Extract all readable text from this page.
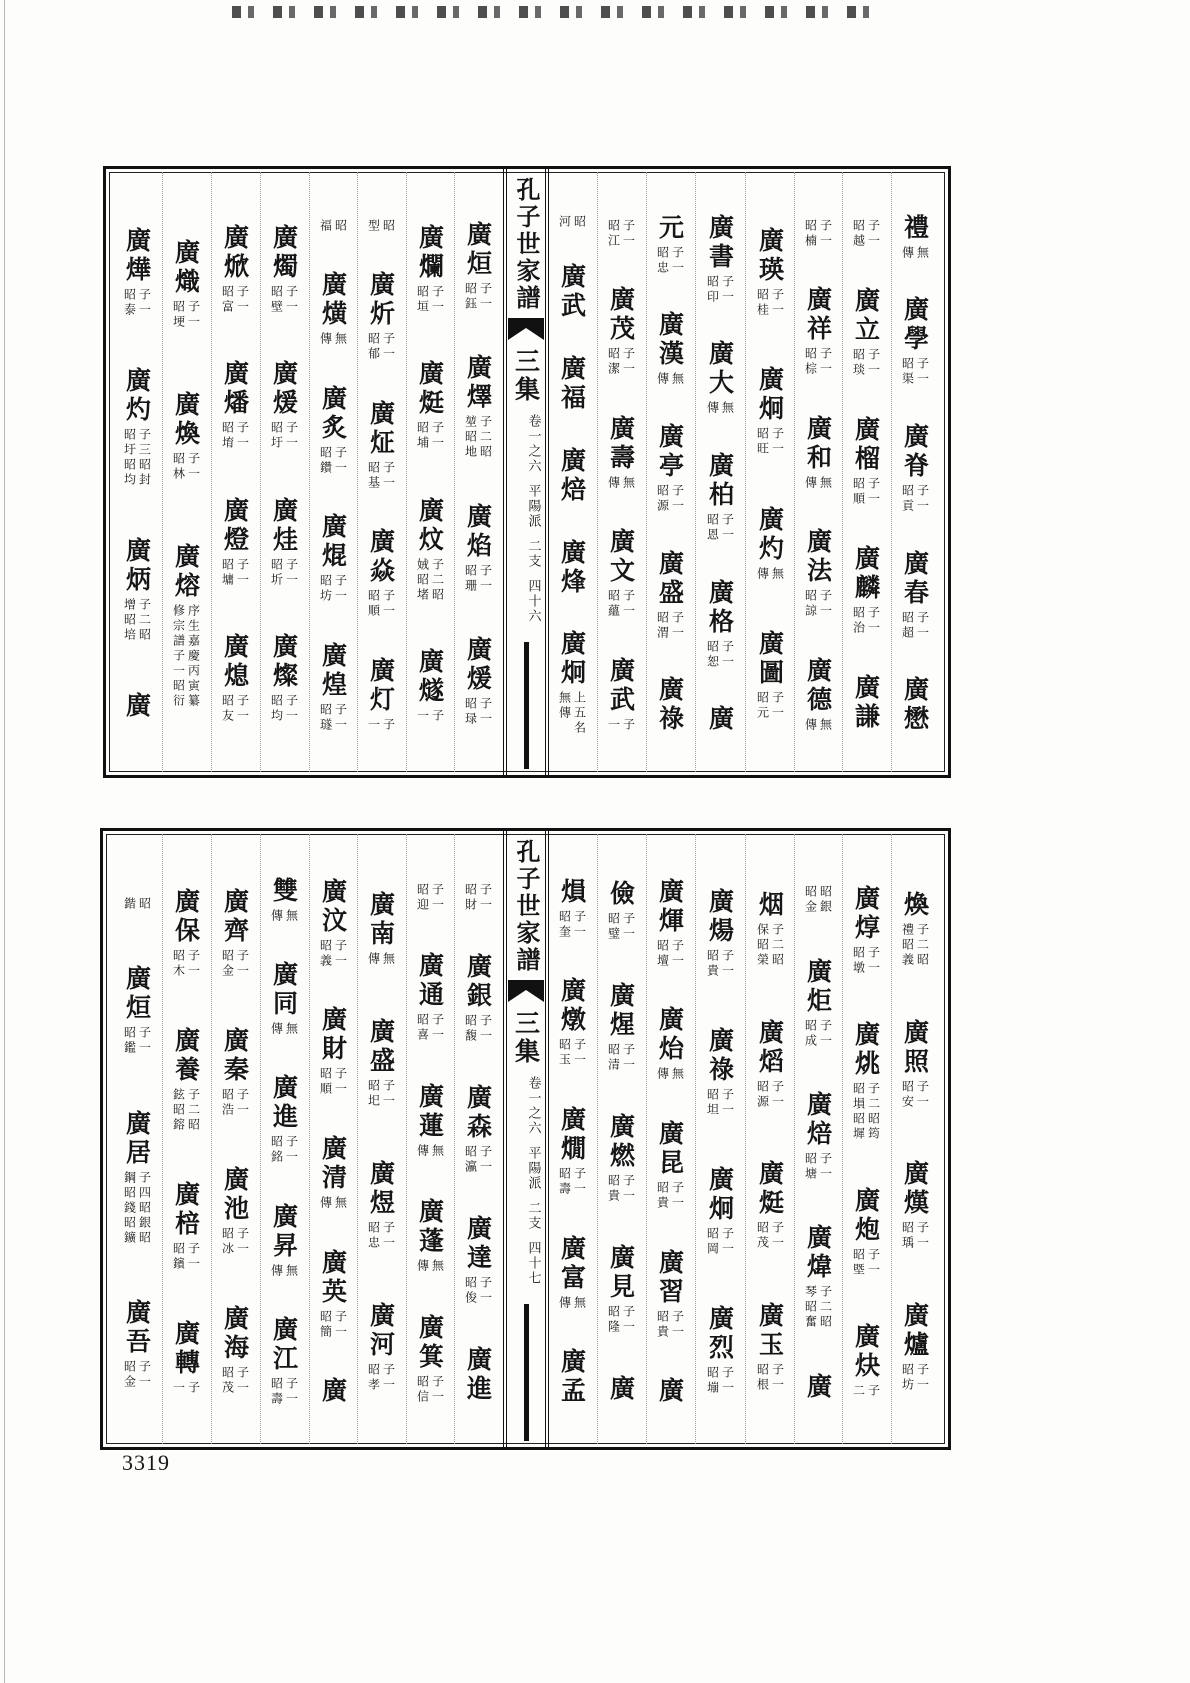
孔子世家譜
三集
卷一之六
平陽派
二支
四十六
孔子世家譜
三集
卷一之六
平陽派
二支
四十七
3319
禮
無
傳
廣學
子一
昭渠
廣脊
子一
昭貢
廣春
子一
昭超
廣懋
子一
昭越
廣立
子一
昭琰
廣榴
子一
昭順
廣麟
子一
昭治
廣謙
子一
昭楠
廣祥
子一
昭棕
廣和
無
傳
廣法
子一
昭諒
廣德
無
傳
廣瑛
子一
昭桂
廣炯
子一
昭旺
廣灼
無
傳
廣圖
子一
昭元
廣書
子一
昭印
廣大
無
傳
廣柏
子一
昭恩
廣格
子一
昭恕
廣
元
子一
昭忠
廣漢
無
傳
廣亭
子一
昭源
廣盛
子一
昭渭
廣祿
子一
昭江
廣茂
子一
昭潔
廣壽
無
傳
廣文
子一
昭蘊
廣武
子
一
昭
河
廣武
廣福
廣焙
廣烽
廣炯
上五名
無傳
廣烜
子一
昭鈺
廣燡
子二昭
堃昭地
廣焰
子一
昭珊
廣煖
子一
昭琭
廣爛
子一
昭垣
廣烶
子一
昭埔
廣炆
子二昭
娀昭堵
廣燧
子
一
昭
型
廣炘
子一
昭郁
廣炡
子一
昭基
廣焱
子一
昭順
廣灯
子
一
昭
福
廣熿
無
傳
廣炙
子一
昭鑽
廣焜
子一
昭坊
廣煌
子一
昭璲
廣燭
子一
昭壁
廣煖
子一
昭圩
廣烓
子一
昭圻
廣燦
子一
昭均
廣焮
子一
昭富
廣燔
子一
昭堉
廣燈
子一
昭墉
廣熄
子一
昭友
廣熾
子一
昭埂
廣煥
子一
昭林
廣熔
序生嘉慶丙寅纂
修宗譜子一昭衍
廣燁
子一
昭泰
廣灼
子三昭封
昭圩昭均
廣炳
子二昭
增昭培
廣
煥
子二昭
禮昭義
廣照
子一
昭安
廣熯
子一
昭瑀
廣爐
子一
昭坊
廣焞
子一
昭墩
廣烑
子二昭筠
昭塤昭墀
廣炮
子一
昭塈
廣炔
子
二
昭銀
昭金
廣炬
子一
昭成
廣焙
子一
昭塘
廣煒
子二昭
琴昭奮
廣
烟
子二昭
保昭榮
廣熖
子一
昭源
廣烶
子一
昭茂
廣玉
子一
昭根
廣煬
子一
昭貴
廣祿
子一
昭坦
廣炯
子一
昭岡
廣烈
子一
昭塴
廣煇
子一
昭壇
廣炲
無
傳
廣昆
子一
昭貴
廣習
子一
昭貴
廣
儉
子一
昭璧
廣煋
子一
昭清
廣燃
子一
昭貴
廣見
子一
昭隆
廣
熉
子一
昭奎
廣燉
子一
昭玉
廣燗
子一
昭壽
廣富
無
傳
廣孟
子一
昭財
廣銀
子一
昭馥
廣森
子一
昭瀛
廣達
子一
昭俊
廣進
子一
昭迎
廣通
子一
昭喜
廣蓮
無
傳
廣蓬
無
傳
廣箕
子一
昭信
廣南
無
傳
廣盛
子一
昭圯
廣煜
子一
昭忠
廣河
子一
昭孝
廣汶
子一
昭義
廣財
子一
昭順
廣清
無
傳
廣英
子一
昭簡
廣
雙
無
傳
廣同
無
傳
廣進
子一
昭銘
廣昇
無
傳
廣江
子一
昭壽
廣齊
子一
昭金
廣秦
子一
昭浩
廣池
子一
昭冰
廣海
子一
昭茂
廣保
子一
昭木
廣養
子二昭
鉉昭鎔
廣棓
子一
昭鑌
廣轉
子
一
昭
鍇
廣烜
子一
昭鑑
廣居
子四昭銀昭
鋼昭錢昭鑛
廣吾
子一
昭金
